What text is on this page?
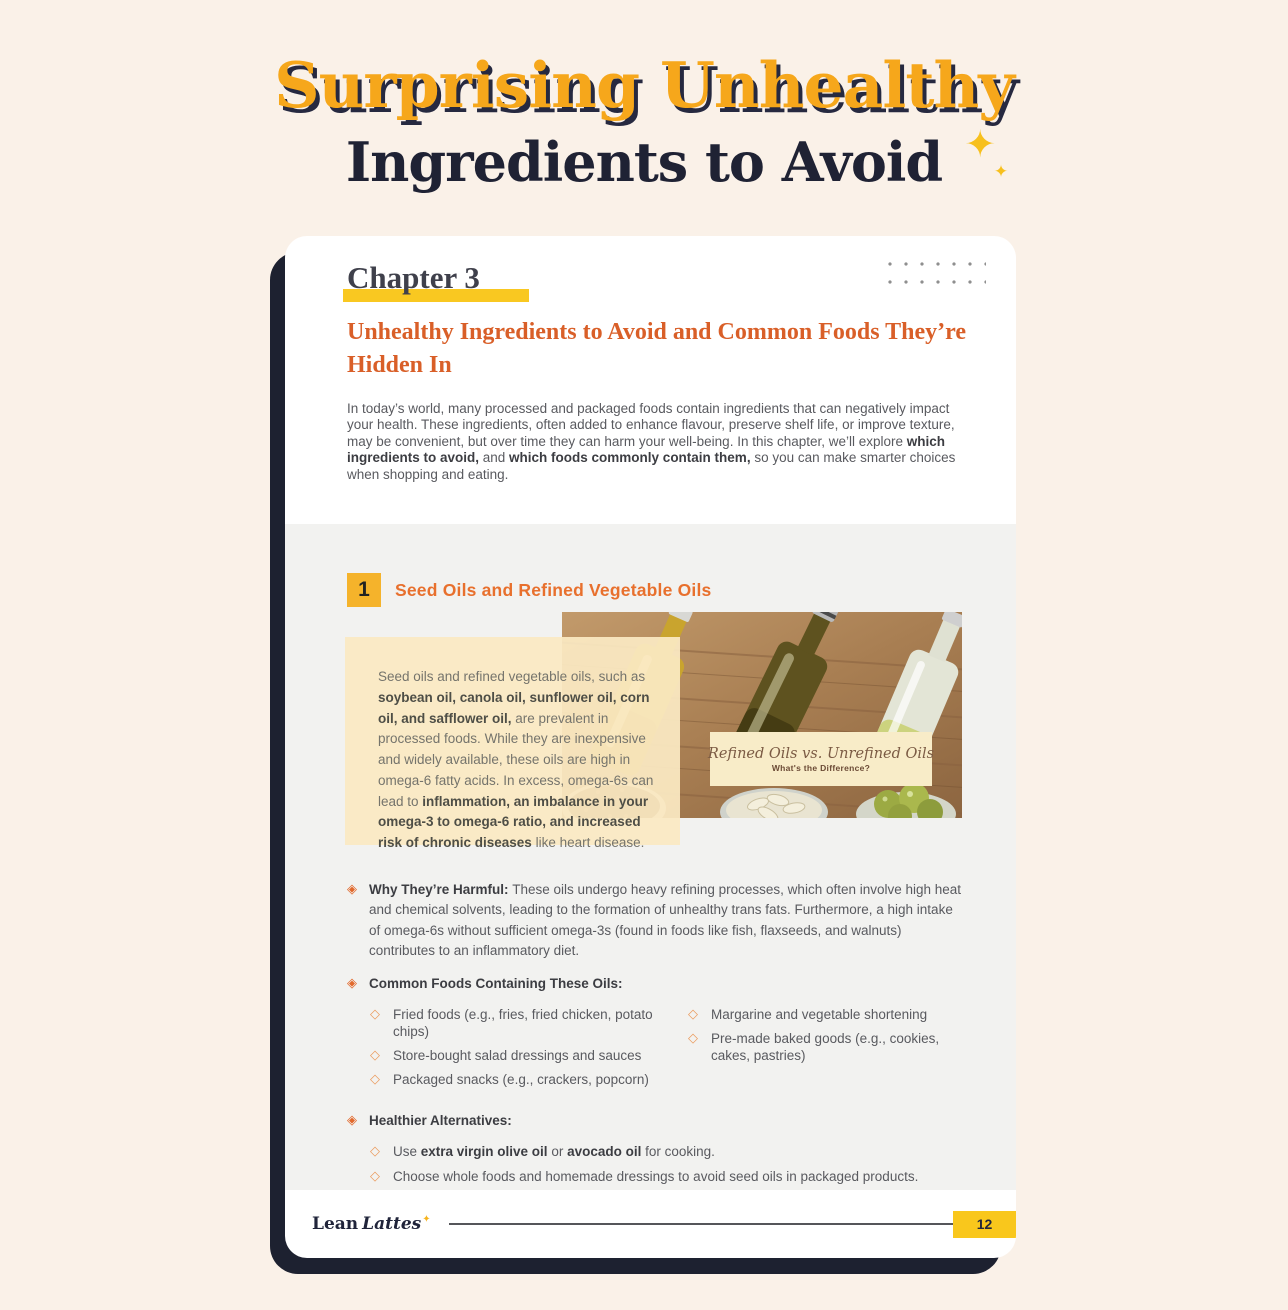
Surprising Unhealthy
Ingredients to Avoid ✦
✦
Chapter 3
Unhealthy Ingredients to Avoid and Common Foods They’re Hidden In

In today’s world, many processed and packaged foods contain ingredients that can negatively impact your health. These ingredients, often added to enhance flavour, preserve shelf life, or improve texture, may be convenient, but over time they can harm your well-being. In this chapter, we’ll explore which ingredients to avoid, and which foods commonly contain them, so you can make smarter choices when shopping and eating.

1	Seed Oils and Refined Vegetable Oils
Refined Oils vs. Unrefined Oils
What's the Difference?
Seed oils and refined vegetable oils, such as soybean oil, canola oil, sunflower oil, corn oil, and safflower oil, are prevalent in processed foods. While they are inexpensive and widely available, these oils are high in omega-6 fatty acids. In excess, omega-6s can lead to inflammation, an imbalance in your omega-3 to omega-6 ratio, and increased risk of chronic diseases like heart disease.
◈ Why They’re Harmful: These oils undergo heavy refining processes, which often involve high heat and chemical solvents, leading to the formation of unhealthy trans fats. Furthermore, a high intake of omega-6s without sufficient omega-3s (found in foods like fish, flaxseeds, and walnuts) contributes to an inflammatory diet.

◈ Common Foods Containing These Oils:

◇ Fried foods (e.g., fries, fried chicken, potato chips)
◇ Store-bought salad dressings and sauces
◇ Packaged snacks (e.g., crackers, popcorn)
◇ Margarine and vegetable shortening
◇ Pre-made baked goods (e.g., cookies, cakes, pastries)
◈ Healthier Alternatives:

◇ Use extra virgin olive oil or avocado oil for cooking.
◇ Choose whole foods and homemade dressings to avoid seed oils in packaged products.
Lean Lattes✦	12
